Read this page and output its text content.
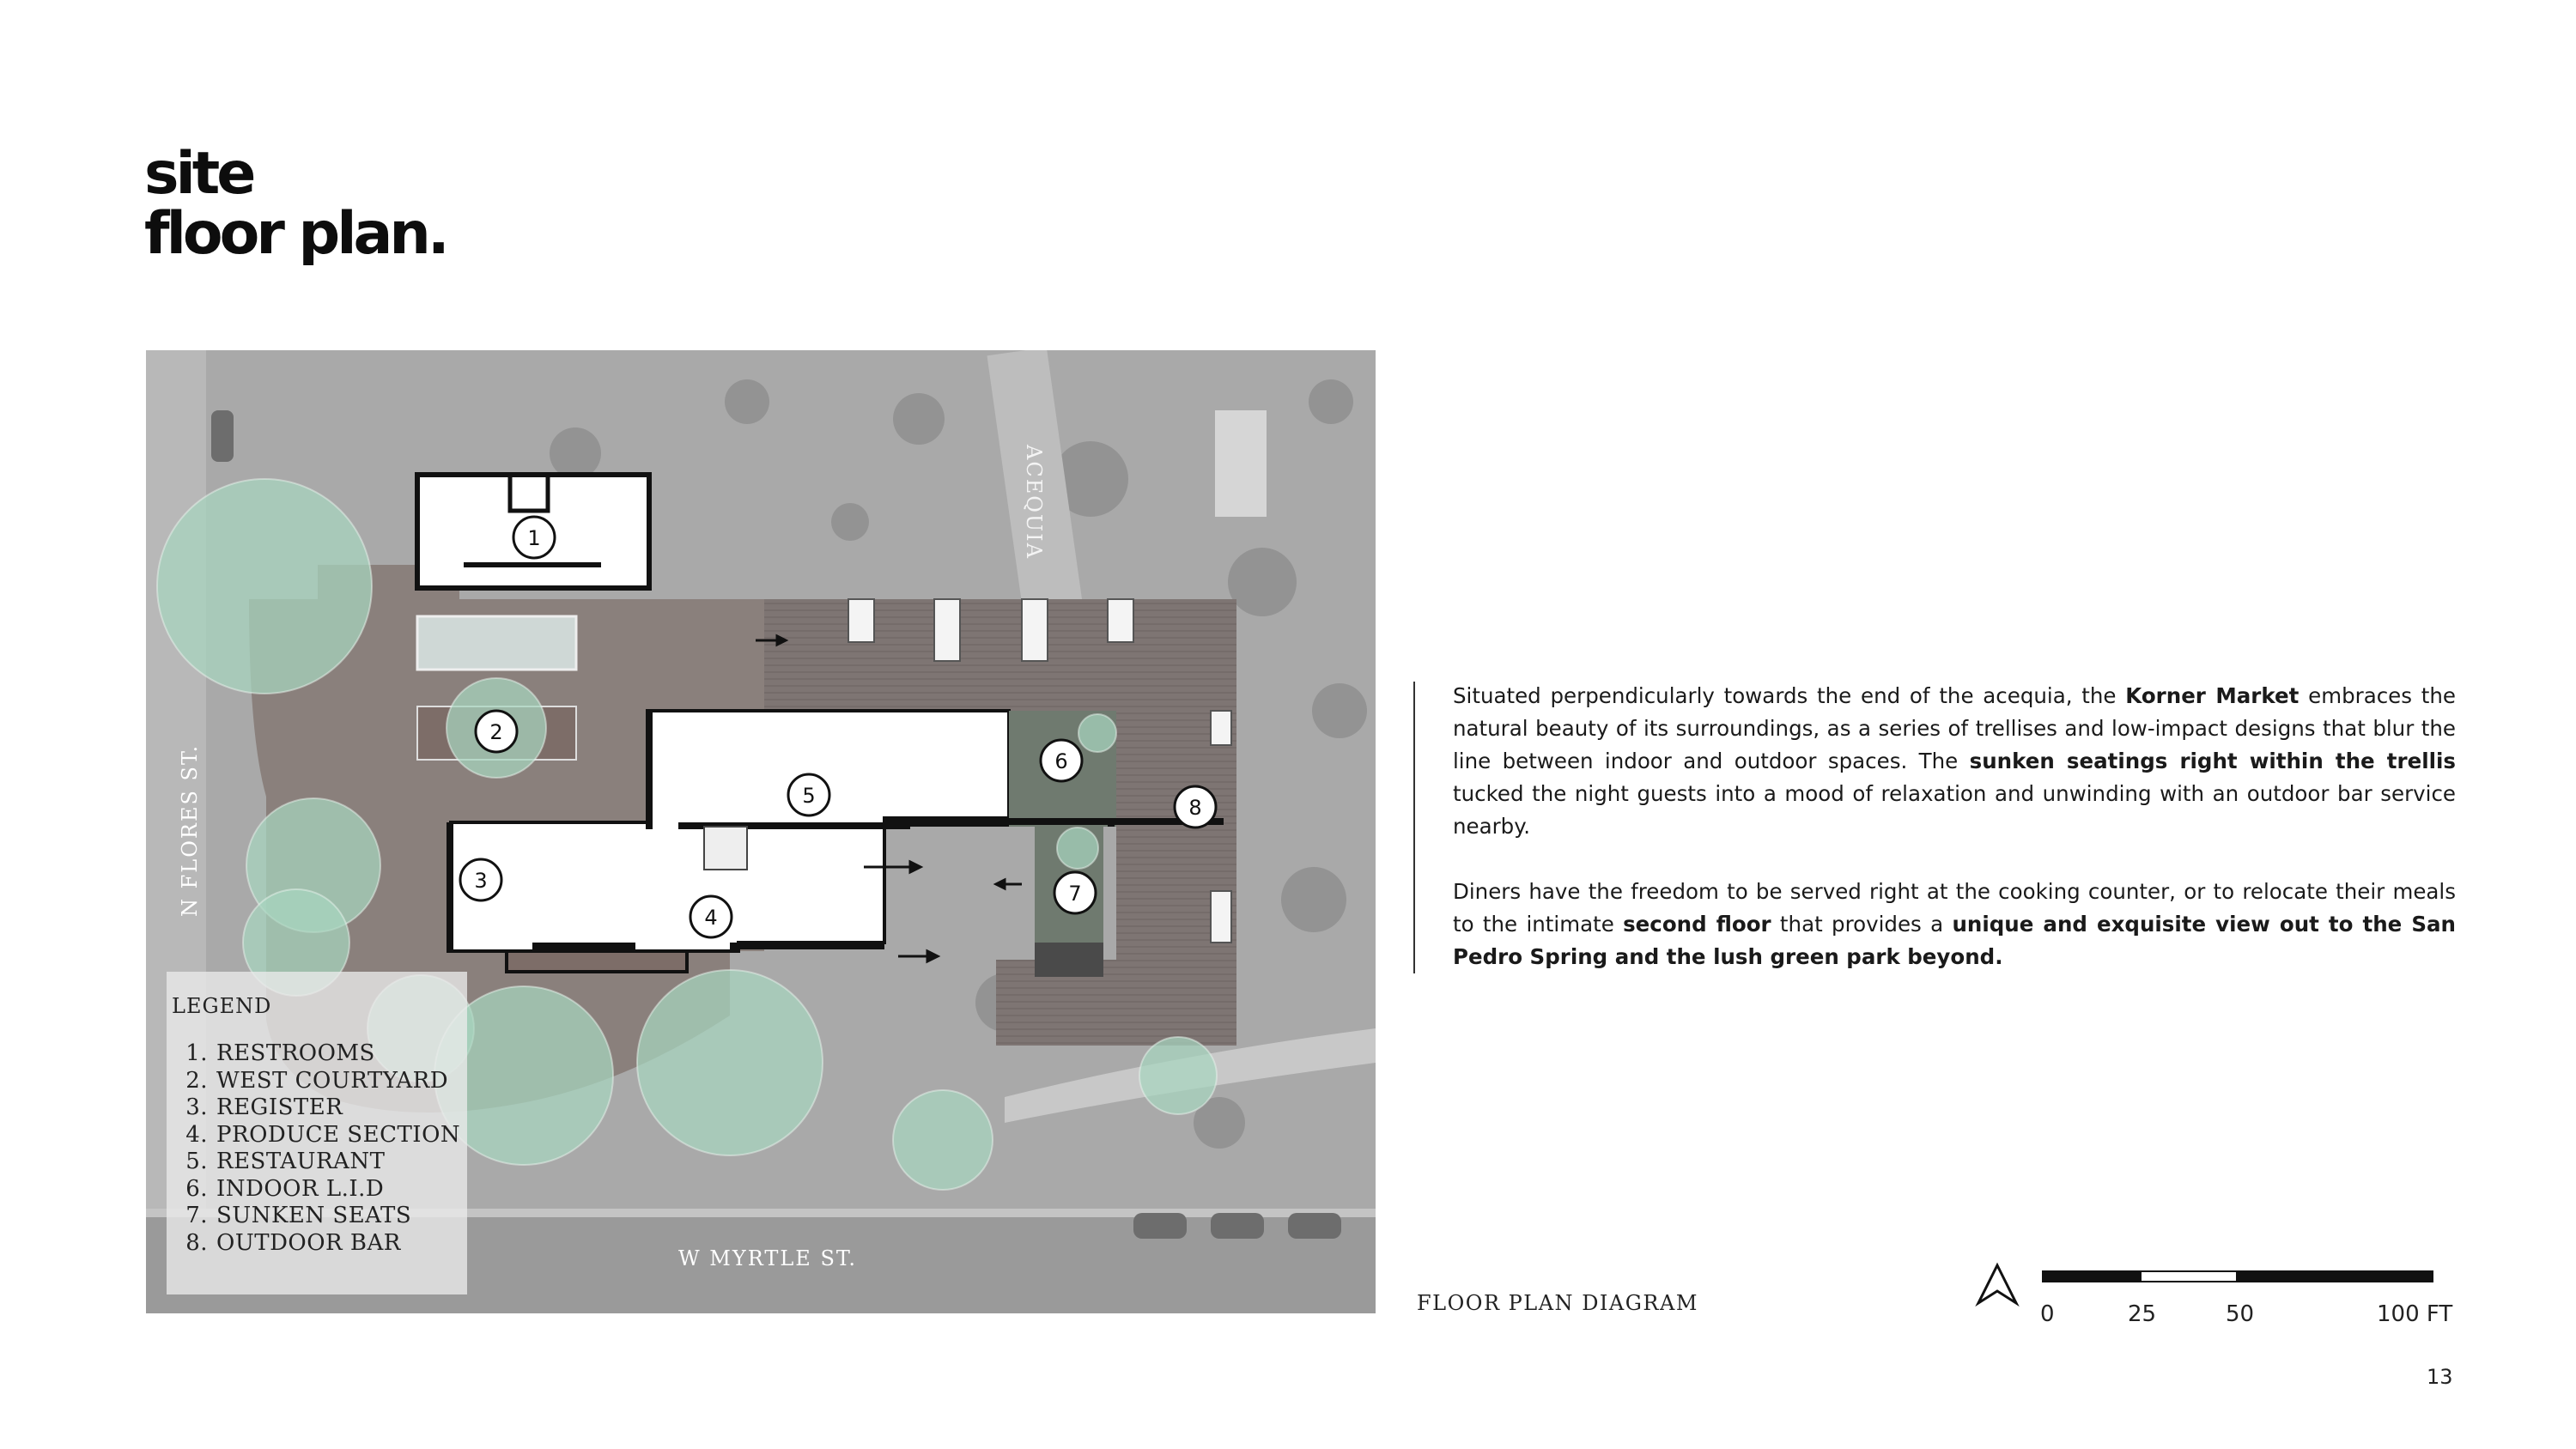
site
floor plan.
1
2
3
4
5
6
7
8
N FLORES ST.
W MYRTLE ST.
ACEQUIA
LEGEND
1. RESTROOMS
2. WEST COURTYARD
3. REGISTER
4. PRODUCE SECTION
5. RESTAURANT
6. INDOOR L.I.D
7. SUNKEN SEATS
8. OUTDOOR BAR

Situated perpendicularly towards the end of the acequia, the Korner Market embraces the natural beauty of its surroundings, as a series of trellises and low-impact designs that blur the line between indoor and outdoor spaces. The sunken seatings right within the trellis tucked the night guests into a mood of relaxation and unwinding with an outdoor bar service nearby.

Diners have the freedom to be served right at the cooking counter, or to relocate their meals to the intimate second floor that provides a unique and exquisite view out to the San Pedro Spring and the lush green park beyond.

FLOOR PLAN DIAGRAM	0	25	50	100 FT
13
